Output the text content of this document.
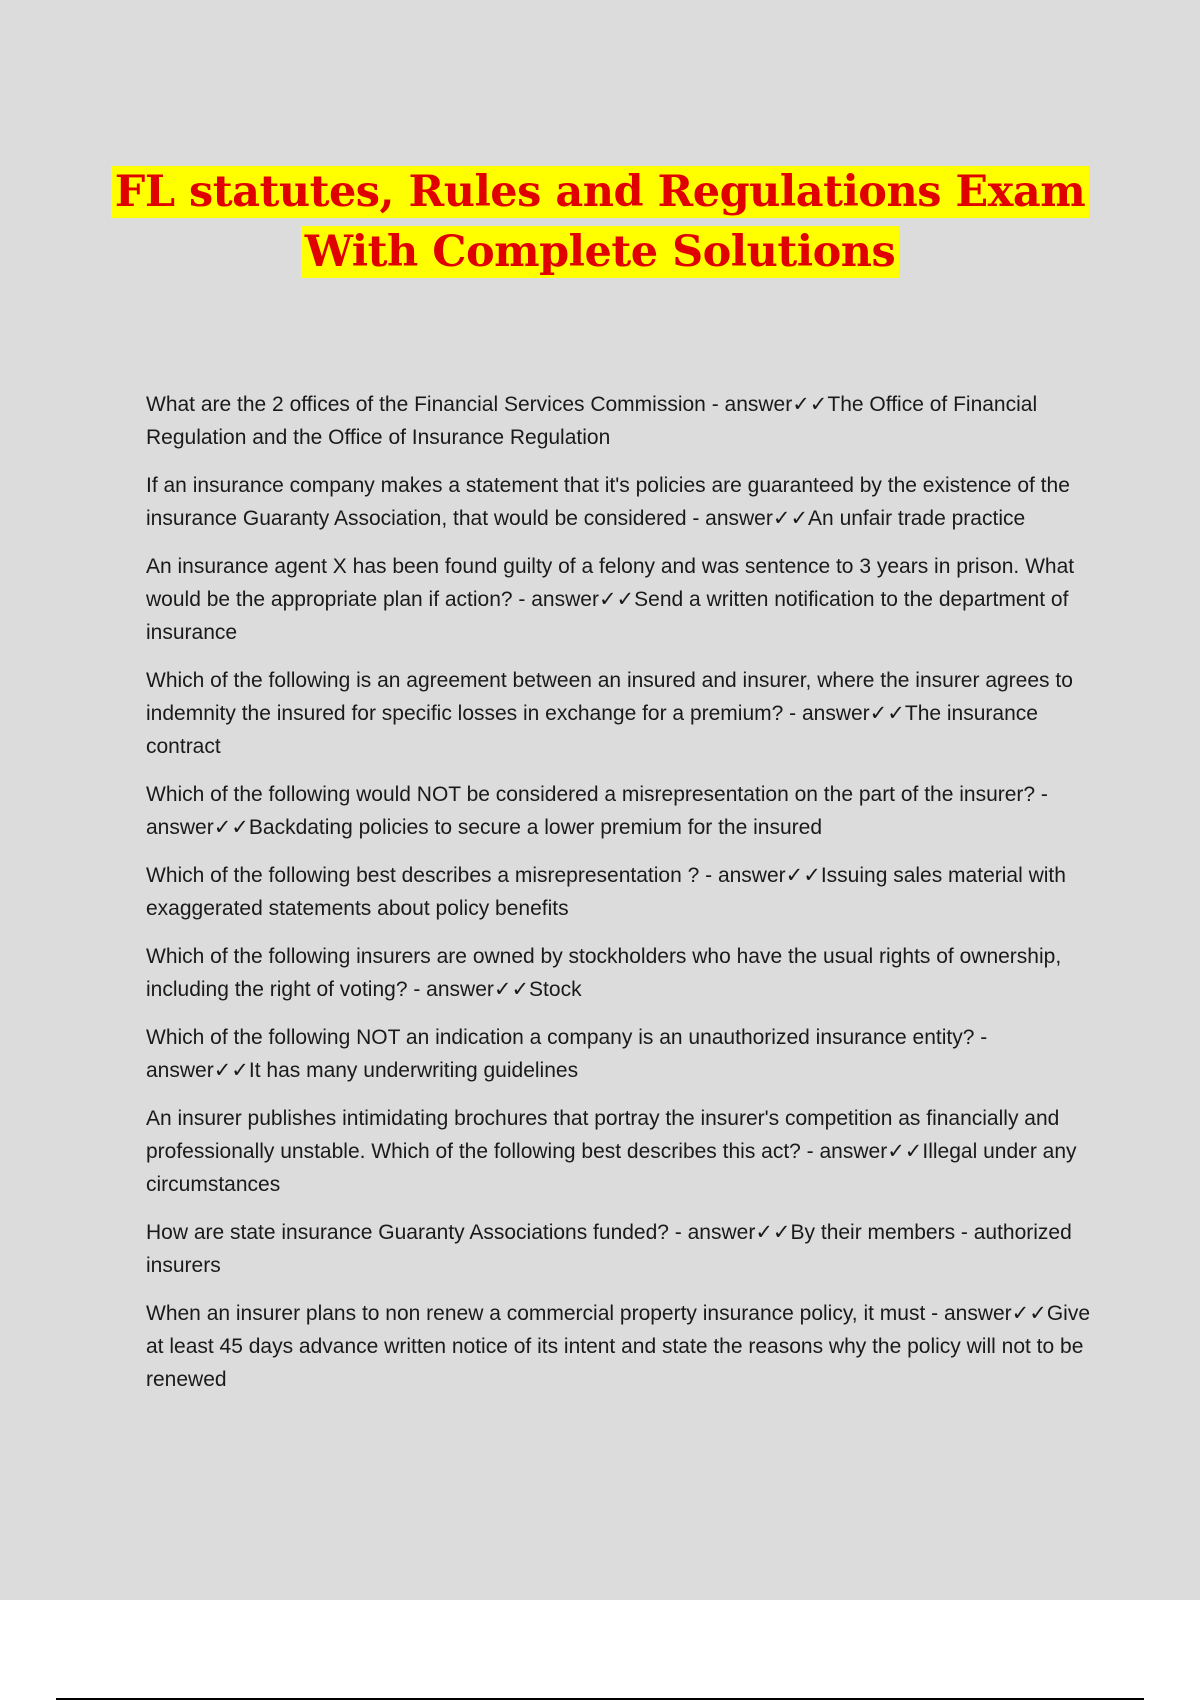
FL statutes, Rules and Regulations Exam
With Complete Solutions
What are the 2 offices of the Financial Services Commission - answer✓✓The Office of Financial Regulation and the Office of Insurance Regulation
If an insurance company makes a statement that it's policies are guaranteed by the existence of the insurance Guaranty Association, that would be considered - answer✓✓An unfair trade practice
An insurance agent X has been found guilty of a felony and was sentence to 3 years in prison. What would be the appropriate plan if action? - answer✓✓Send a written notification to the department of insurance
Which of the following is an agreement between an insured and insurer, where the insurer agrees to indemnity the insured for specific losses in exchange for a premium? - answer✓✓The insurance contract
Which of the following would NOT be considered a misrepresentation on the part of the insurer? - answer✓✓Backdating policies to secure a lower premium for the insured
Which of the following best describes a misrepresentation ? - answer✓✓Issuing sales material with exaggerated statements about policy benefits
Which of the following insurers are owned by stockholders who have the usual rights of ownership, including the right of voting? - answer✓✓Stock
Which of the following NOT an indication a company is an unauthorized insurance entity? - answer✓✓It has many underwriting guidelines
An insurer publishes intimidating brochures that portray the insurer's competition as financially and professionally unstable. Which of the following best describes this act? - answer✓✓Illegal under any circumstances
How are state insurance Guaranty Associations funded? - answer✓✓By their members - authorized insurers
When an insurer plans to non renew a commercial property insurance policy, it must - answer✓✓Give at least 45 days advance written notice of its intent and state the reasons why the policy will not to be renewed
